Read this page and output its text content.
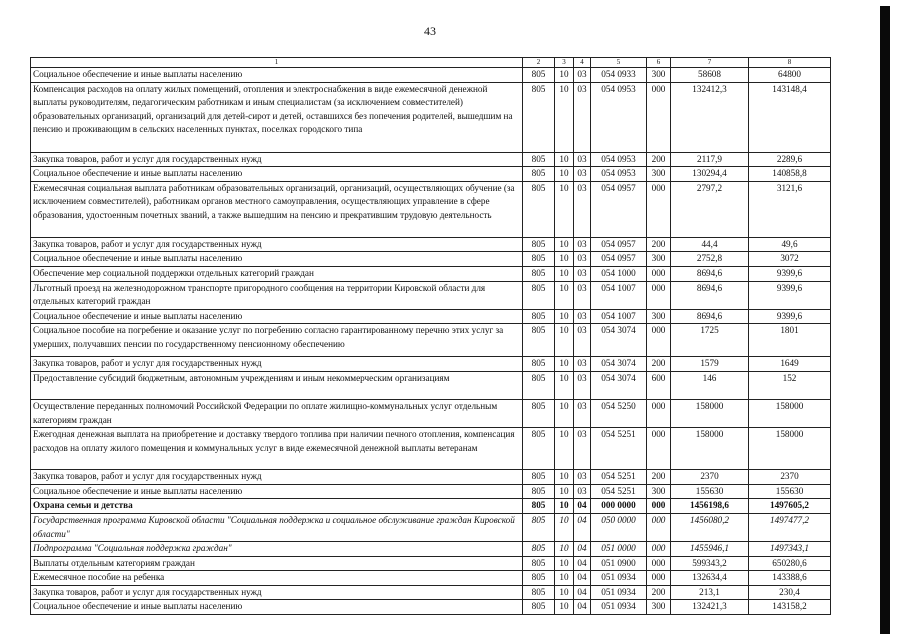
43
1	2	3	4	5	6	7	8
Социальное обеспечение и иные выплаты населению	805	10	03	054 0933	300	58608	64800
Компенсация расходов на оплату жилых помещений, отопления и электроснабжения в виде ежемесячной денежной выплаты руководителям, педагогическим работникам и иным специалистам (за исключением совместителей) образовательных организаций, организаций для детей-сирот и детей, оставшихся без попечения родителей, вышедшим на пенсию и проживающим в сельских населенных пунктах, поселках городского типа	805	10	03	054 0953	000	132412,3	143148,4
Закупка товаров, работ и услуг для государственных нужд	805	10	03	054 0953	200	2117,9	2289,6
Социальное обеспечение и иные выплаты населению	805	10	03	054 0953	300	130294,4	140858,8
Ежемесячная социальная выплата работникам образовательных организаций, организаций, осуществляющих обучение (за исключением совместителей), работникам органов местного самоуправления, осуществляющих управление в сфере образования, удостоенным почетных званий, а также вышедшим на пенсию и прекратившим трудовую деятельность	805	10	03	054 0957	000	2797,2	3121,6
Закупка товаров, работ и услуг для государственных нужд	805	10	03	054 0957	200	44,4	49,6
Социальное обеспечение и иные выплаты населению	805	10	03	054 0957	300	2752,8	3072
Обеспечение мер социальной поддержки отдельных категорий граждан	805	10	03	054 1000	000	8694,6	9399,6
Льготный проезд на железнодорожном транспорте пригородного сообщения на территории Кировской области для отдельных категорий граждан	805	10	03	054 1007	000	8694,6	9399,6
Социальное обеспечение и иные выплаты населению	805	10	03	054 1007	300	8694,6	9399,6
Социальное пособие на погребение и оказание услуг по погребению согласно гарантированному перечню этих услуг за умерших, получавших пенсии по государственному пенсионному обеспечению	805	10	03	054 3074	000	1725	1801
Закупка товаров, работ и услуг для государственных нужд	805	10	03	054 3074	200	1579	1649
Предоставление субсидий бюджетным, автономным учреждениям и иным некоммерческим организациям	805	10	03	054 3074	600	146	152
Осуществление переданных полномочий Российской Федерации по оплате жилищно-коммунальных услуг отдельным категориям граждан	805	10	03	054 5250	000	158000	158000
Ежегодная денежная выплата на приобретение и доставку твердого топлива при наличии печного отопления, компенсация расходов на оплату жилого помещения и коммунальных услуг в виде ежемесячной денежной выплаты ветеранам	805	10	03	054 5251	000	158000	158000
Закупка товаров, работ и услуг для государственных нужд	805	10	03	054 5251	200	2370	2370
Социальное обеспечение и иные выплаты населению	805	10	03	054 5251	300	155630	155630
Охрана семьи и детства	805	10	04	000 0000	000	1456198,6	1497605,2
Государственная программа Кировской области "Социальная поддержка и социальное обслуживание граждан Кировской области"	805	10	04	050 0000	000	1456080,2	1497477,2
Подпрограмма "Социальная поддержка граждан"	805	10	04	051 0000	000	1455946,1	1497343,1
Выплаты отдельным категориям граждан	805	10	04	051 0900	000	599343,2	650280,6
Ежемесячное пособие на ребенка	805	10	04	051 0934	000	132634,4	143388,6
Закупка товаров, работ и услуг для государственных нужд	805	10	04	051 0934	200	213,1	230,4
Социальное обеспечение и иные выплаты населению	805	10	04	051 0934	300	132421,3	143158,2
